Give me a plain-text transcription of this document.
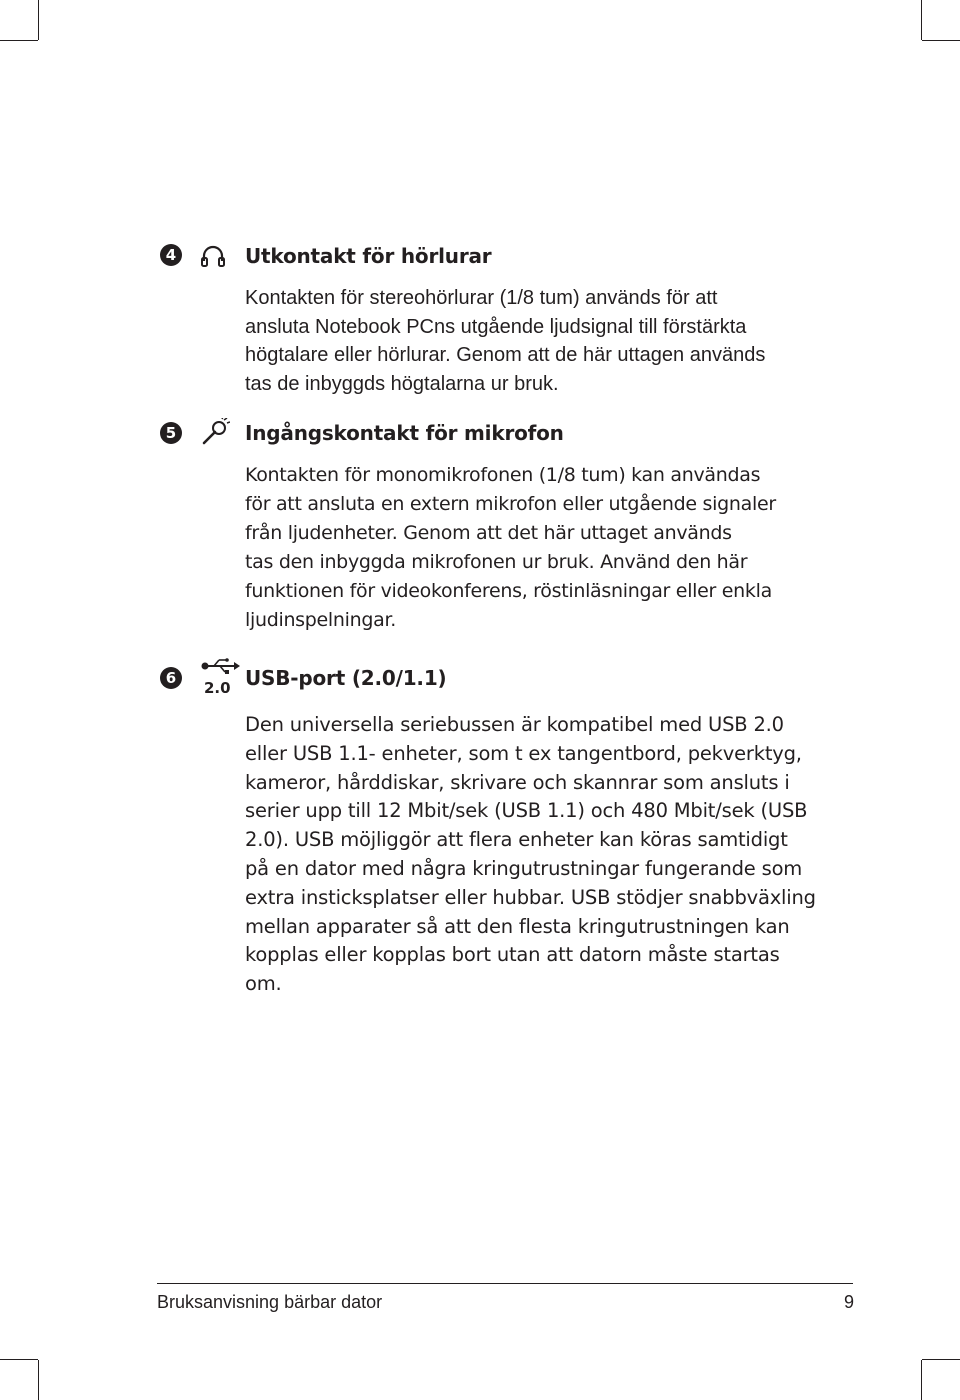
4	Utkontakt för hörlurar

Kontakten för stereohörlurar (1/8 tum) används för att
ansluta Notebook PCns utgående ljudsignal till förstärkta
högtalare eller hörlurar. Genom att de här uttagen används
tas de inbyggds högtalarna ur bruk.

5	Ingångskontakt för mikrofon

Kontakten för monomikrofonen (1/8 tum) kan användas
för att ansluta en extern mikrofon eller utgående signaler
från ljudenheter. Genom att det här uttaget används
tas den inbyggda mikrofonen ur bruk. Använd den här
funktionen för videokonferens, röstinläsningar eller enkla
ljudinspelningar.

6
2.0 USB-port (2.0/1.1)

Den universella seriebussen är kompatibel med USB 2.0
eller USB 1.1- enheter, som t ex tangentbord, pekverktyg,
kameror, hårddiskar, skrivare och skannrar som ansluts i
serier upp till 12 Mbit/sek (USB 1.1) och 480 Mbit/sek (USB
2.0). USB möjliggör att flera enheter kan köras samtidigt
på en dator med några kringutrustningar fungerande som
extra insticksplatser eller hubbar. USB stödjer snabbväxling
mellan apparater så att den flesta kringutrustningen kan
kopplas eller kopplas bort utan att datorn måste startas
om.

Bruksanvisning bärbar dator	9
